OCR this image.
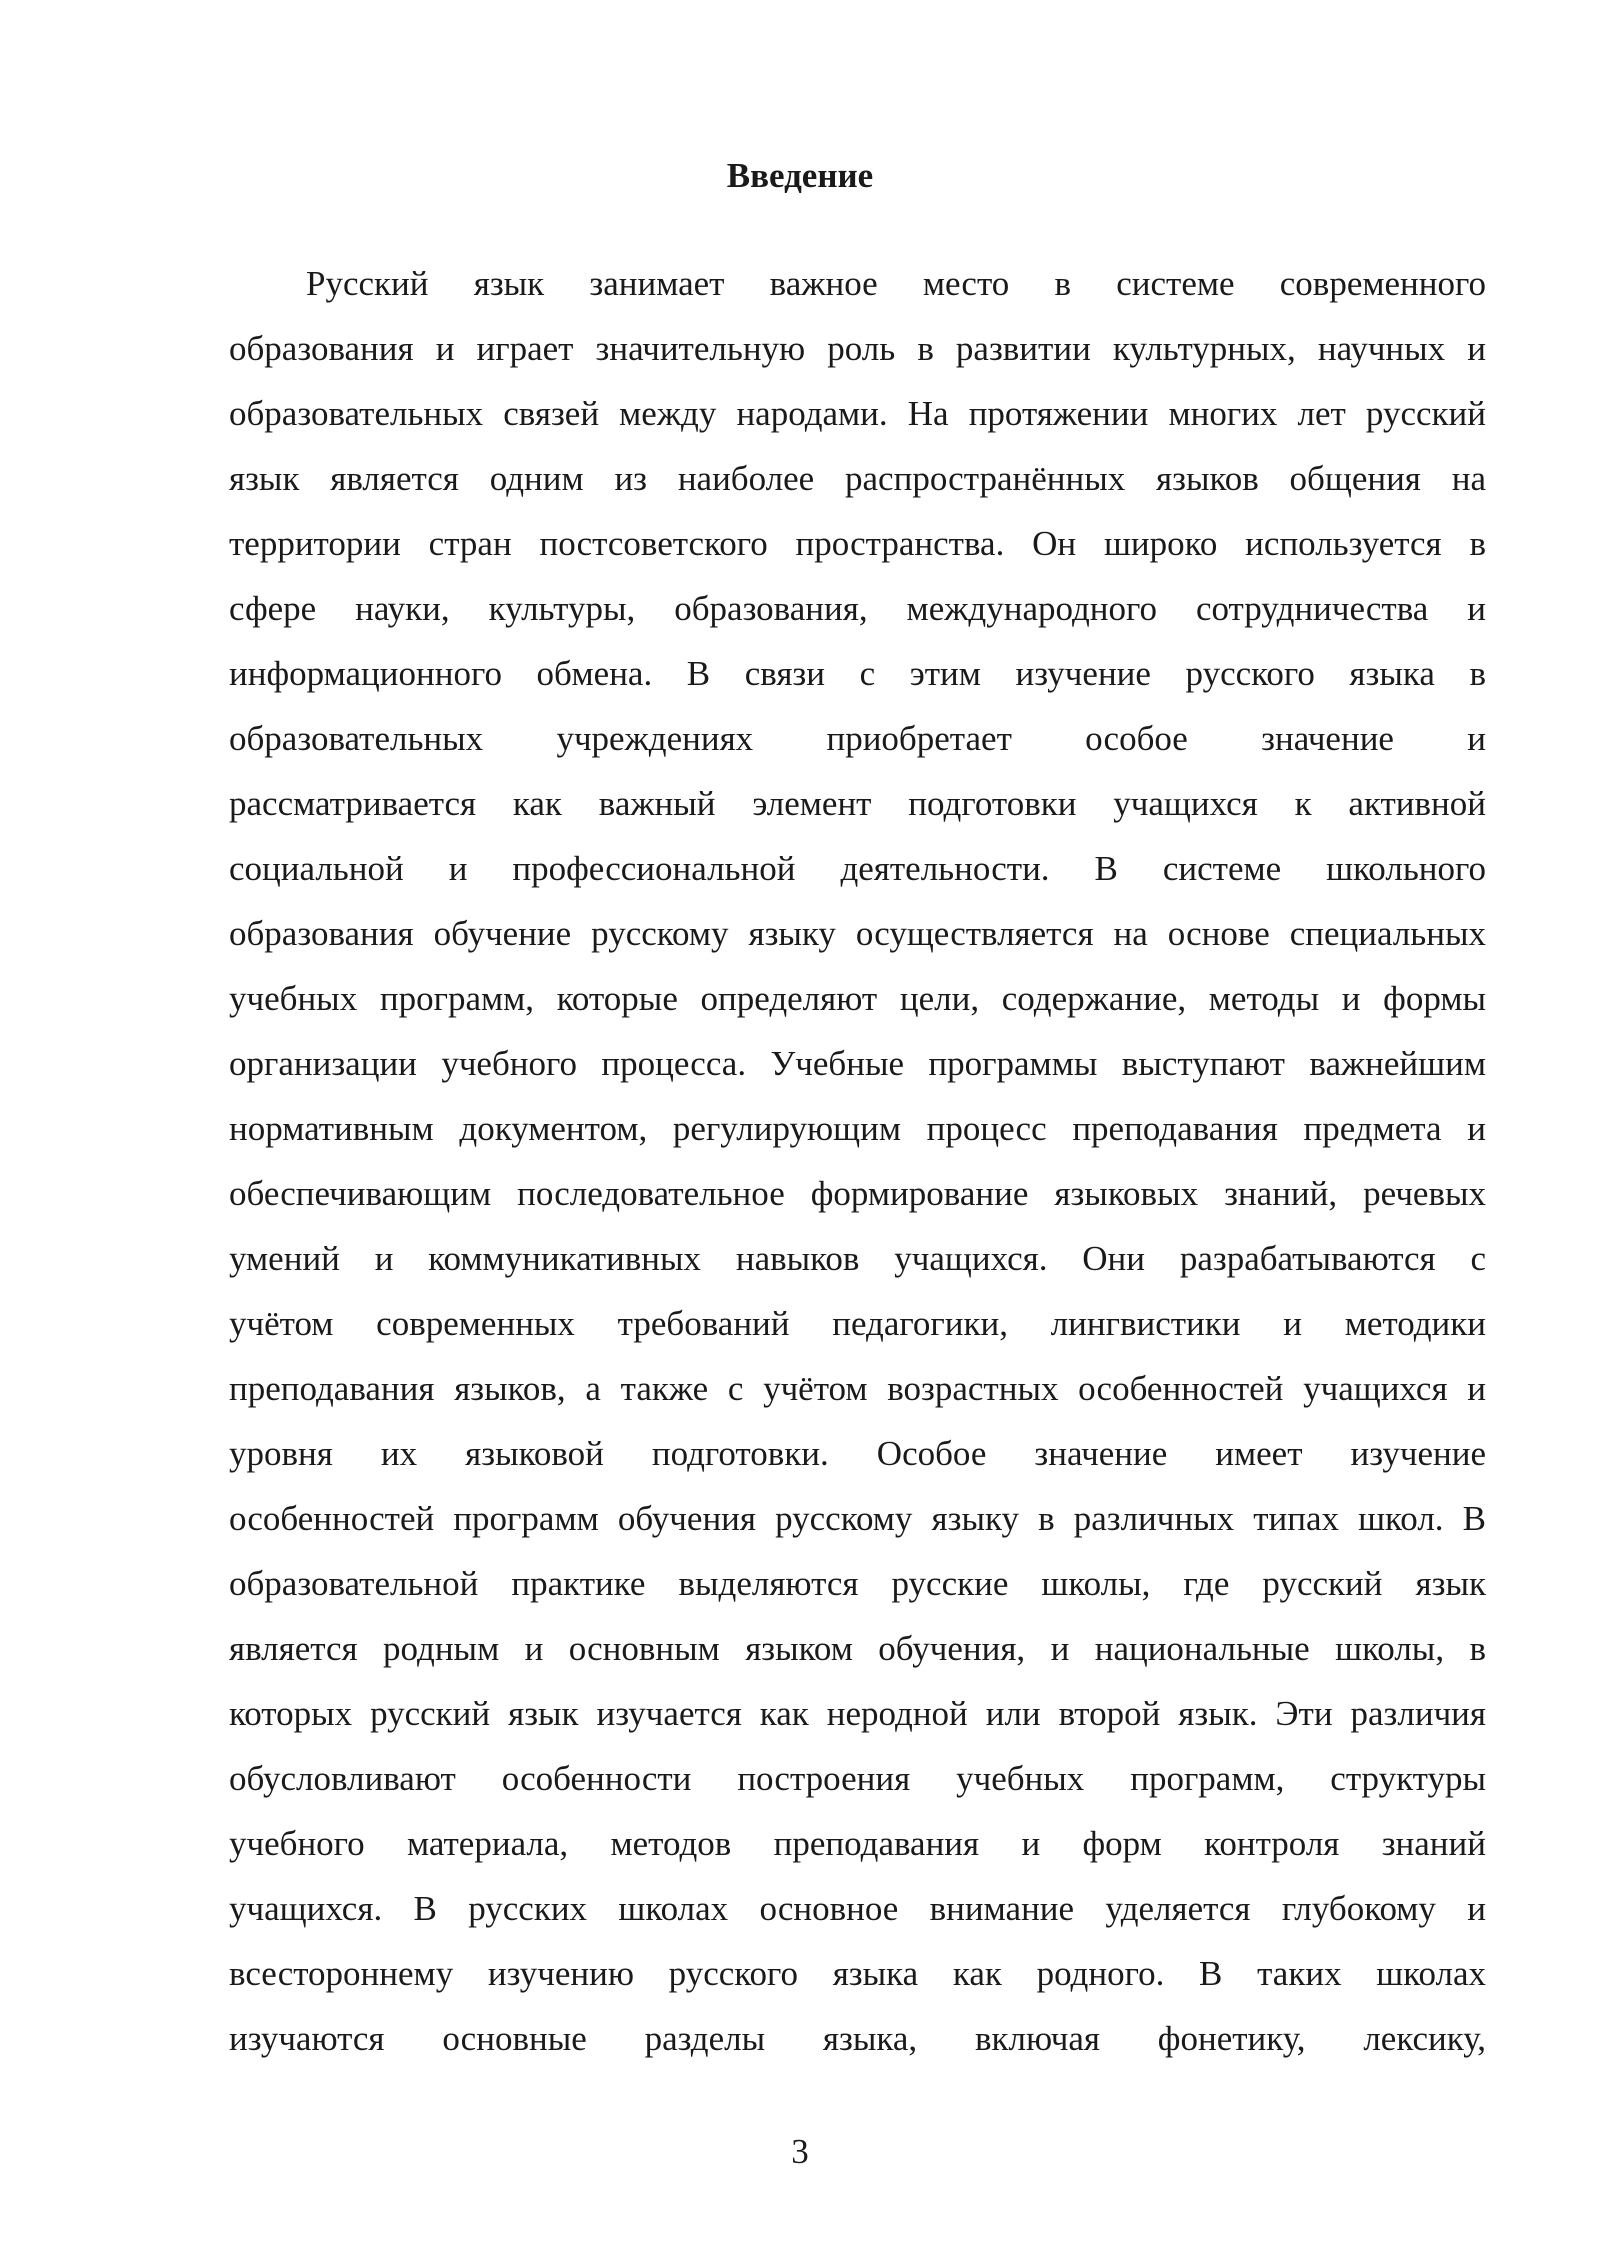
Введение
Русский язык занимает важное место в системе современного
образования и играет значительную роль в развитии культурных, научных и
образовательных связей между народами. На протяжении многих лет русский
язык является одним из наиболее распространённых языков общения на
территории стран постсоветского пространства. Он широко используется в
сфере науки, культуры, образования, международного сотрудничества и
информационного обмена. В связи с этим изучение русского языка в
образовательных учреждениях приобретает особое значение и
рассматривается как важный элемент подготовки учащихся к активной
социальной и профессиональной деятельности. В системе школьного
образования обучение русскому языку осуществляется на основе специальных
учебных программ, которые определяют цели, содержание, методы и формы
организации учебного процесса. Учебные программы выступают важнейшим
нормативным документом, регулирующим процесс преподавания предмета и
обеспечивающим последовательное формирование языковых знаний, речевых
умений и коммуникативных навыков учащихся. Они разрабатываются с
учётом современных требований педагогики, лингвистики и методики
преподавания языков, а также с учётом возрастных особенностей учащихся и
уровня их языковой подготовки. Особое значение имеет изучение
особенностей программ обучения русскому языку в различных типах школ. В
образовательной практике выделяются русские школы, где русский язык
является родным и основным языком обучения, и национальные школы, в
которых русский язык изучается как неродной или второй язык. Эти различия
обусловливают особенности построения учебных программ, структуры
учебного материала, методов преподавания и форм контроля знаний
учащихся. В русских школах основное внимание уделяется глубокому и
всестороннему изучению русского языка как родного. В таких школах
изучаются основные разделы языка, включая фонетику, лексику,
3
